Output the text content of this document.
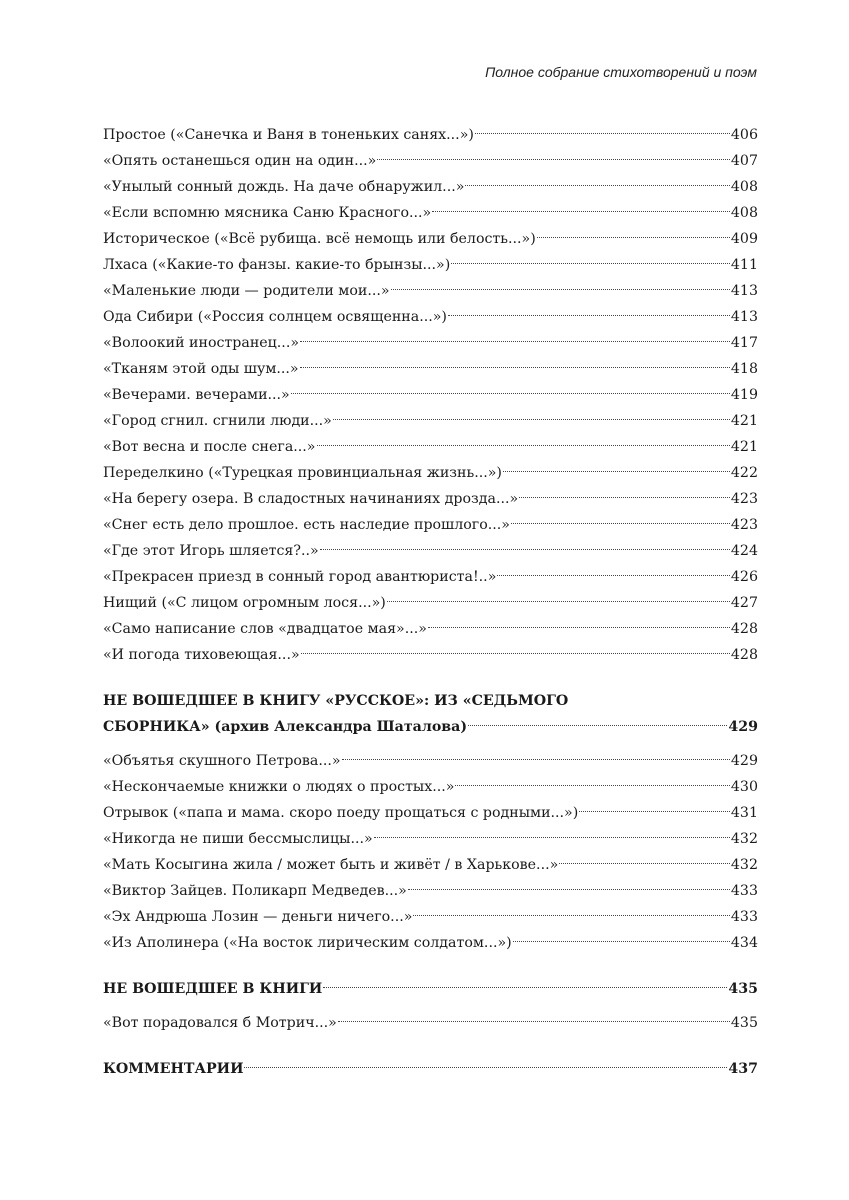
Полное собрание стихотворений и поэм
Простое («Санечка и Ваня в тоненьких санях...»)	406
«Опять останешься один на один...»	407
«Унылый сонный дождь. На даче обнаружил...»	408
«Если вспомню мясника Саню Красного...»	408
Историческое («Всё рубища. всё немощь или белость...»)	409
Лхаса («Какие-то фанзы. какие-то брынзы...»)	411
«Маленькие люди — родители мои...»	413
Ода Сибири («Россия солнцем освященна...»)	413
«Волоокий иностранец...»	417
«Тканям этой оды шум...»	418
«Вечерами. вечерами...»	419
«Город сгнил. сгнили люди...»	421
«Вот весна и после снега...»	421
Переделкино («Турецкая провинциальная жизнь...»)	422
«На берегу озера. В сладостных начинаниях дрозда...»	423
«Снег есть дело прошлое. есть наследие прошлого...»	423
«Где этот Игорь шляется?..»	424
«Прекрасен приезд в сонный город авантюриста!..»	426
Нищий («С лицом огромным лося...»)	427
«Само написание слов «двадцатое мая»...»	428
«И погода тиховеющая...»	428
НЕ ВОШЕДШЕЕ В КНИГУ «РУССКОЕ»: ИЗ «СЕДЬМОГО
СБОРНИКА» (архив Александра Шаталова)	429
«Объятья скушного Петрова...»	429
«Нескончаемые книжки о людях о простых...»	430
Отрывок («папа и мама. скоро поеду прощаться с родными...»)	431
«Никогда не пиши бессмыслицы...»	432
«Мать Косыгина жила / может быть и живёт / в Харькове...»	432
«Виктор Зайцев. Поликарп Медведев...»	433
«Эх Андрюша Лозин — деньги ничего...»	433
«Из Аполинера («На восток лирическим солдатом...»)	434
НЕ ВОШЕДШЕЕ В КНИГИ	435
«Вот порадовался б Мотрич...»	435
КОММЕНТАРИИ	437
